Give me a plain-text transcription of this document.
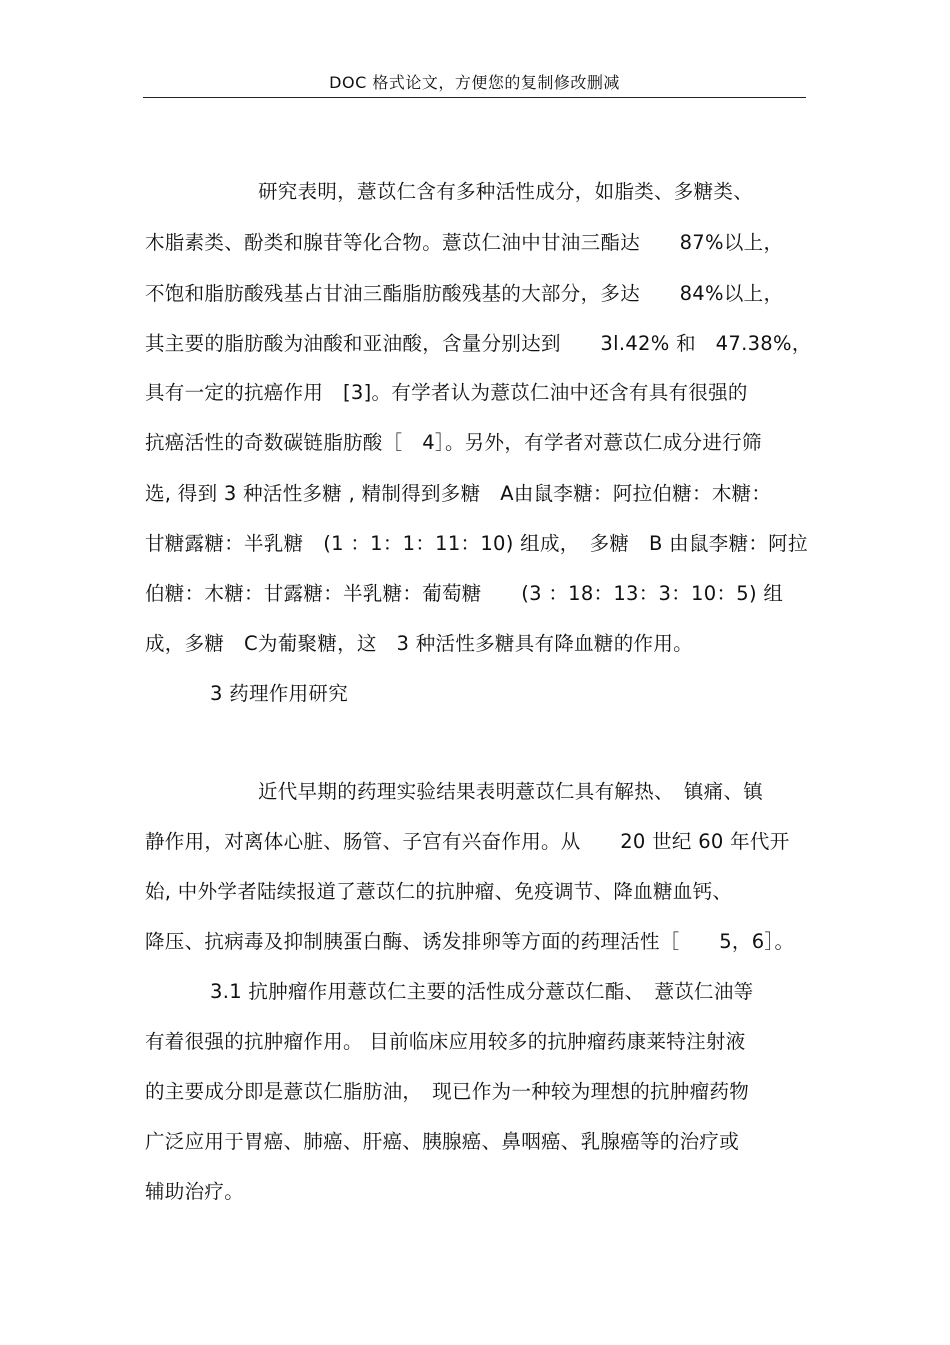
DOC 格式论文，方便您的复制修改删减
研究表明，薏苡仁含有多种活性成分，如脂类、多糖类、
木脂素类、酚类和腺苷等化合物。薏苡仁油中甘油三酯达　　87%以上，
不饱和脂肪酸残基占甘油三酯脂肪酸残基的大部分，多达　　84%以上，
其主要的脂肪酸为油酸和亚油酸，含量分别达到　　3l.42% 和　47.38%，
具有一定的抗癌作用　[3]。有学者认为薏苡仁油中还含有具有很强的
抗癌活性的奇数碳链脂肪酸［　4］。另外，有学者对薏苡仁成分进行筛
选, 得到 3 种活性多糖 , 精制得到多糖　A由鼠李糖：阿拉伯糖：木糖：
甘糖露糖：半乳糖　(1 ：1：1：11：10) 组成，　多糖　B 由鼠李糖：阿拉
伯糖：木糖：甘露糖：半乳糖：葡萄糖　　(3 ：18：13：3：10：5) 组
成，多糖　C为葡聚糖，这　3 种活性多糖具有降血糖的作用。
3 药理作用研究
近代早期的药理实验结果表明薏苡仁具有解热、　镇痛、镇
静作用，对离体心脏、肠管、子宫有兴奋作用。从　　20 世纪 60 年代开
始, 中外学者陆续报道了薏苡仁的抗肿瘤、免疫调节、降血糖血钙、
降压、抗病毒及抑制胰蛋白酶、诱发排卵等方面的药理活性［　　5，6］。
3.1 抗肿瘤作用薏苡仁主要的活性成分薏苡仁酯、　薏苡仁油等
有着很强的抗肿瘤作用。 目前临床应用较多的抗肿瘤药康莱特注射液
的主要成分即是薏苡仁脂肪油，　现已作为一种较为理想的抗肿瘤药物
广泛应用于胃癌、肺癌、肝癌、胰腺癌、鼻咽癌、乳腺癌等的治疗或
辅助治疗。
